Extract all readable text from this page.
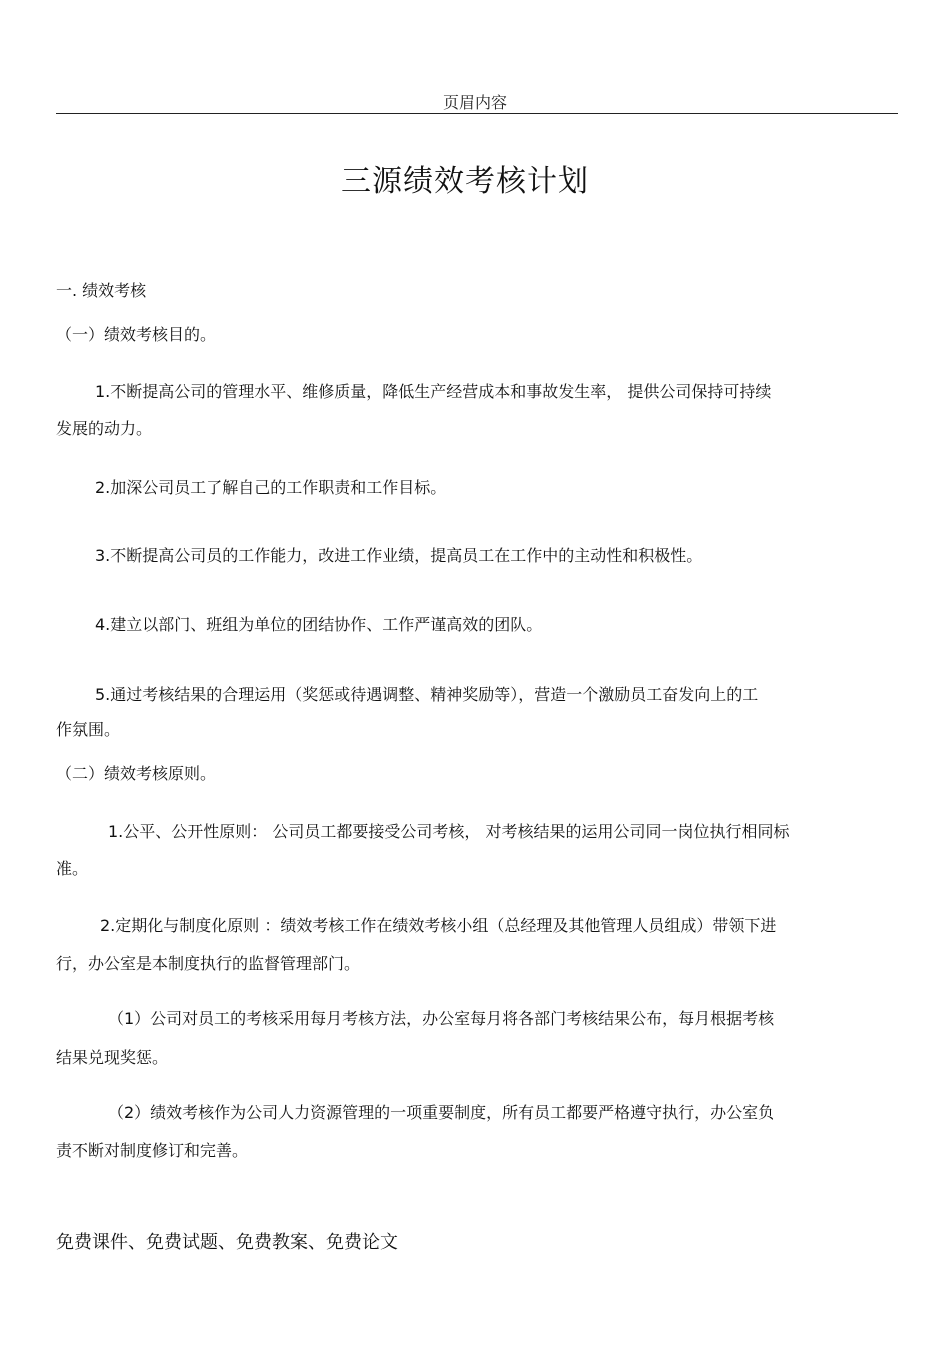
页眉内容
三源绩效考核计划
一. 绩效考核
（一）绩效考核目的。
1.不断提高公司的管理水平、维修质量，降低生产经营成本和事故发生率， 提供公司保持可持续
发展的动力。
2.加深公司员工了解自己的工作职责和工作目标。
3.不断提高公司员的工作能力，改进工作业绩，提高员工在工作中的主动性和积极性。
4.建立以部门、班组为单位的团结协作、工作严谨高效的团队。
5.通过考核结果的合理运用（奖惩或待遇调整、精神奖励等），营造一个激励员工奋发向上的工
作氛围。
（二）绩效考核原则。
1.公平、公开性原则： 公司员工都要接受公司考核， 对考核结果的运用公司同一岗位执行相同标
准。
2.定期化与制度化原则 ：绩效考核工作在绩效考核小组（总经理及其他管理人员组成）带领下进
行，办公室是本制度执行的监督管理部门。
（1）公司对员工的考核采用每月考核方法，办公室每月将各部门考核结果公布，每月根据考核
结果兑现奖惩。
（2）绩效考核作为公司人力资源管理的一项重要制度，所有员工都要严格遵守执行，办公室负
责不断对制度修订和完善。
免费课件、免费试题、免费教案、免费论文
